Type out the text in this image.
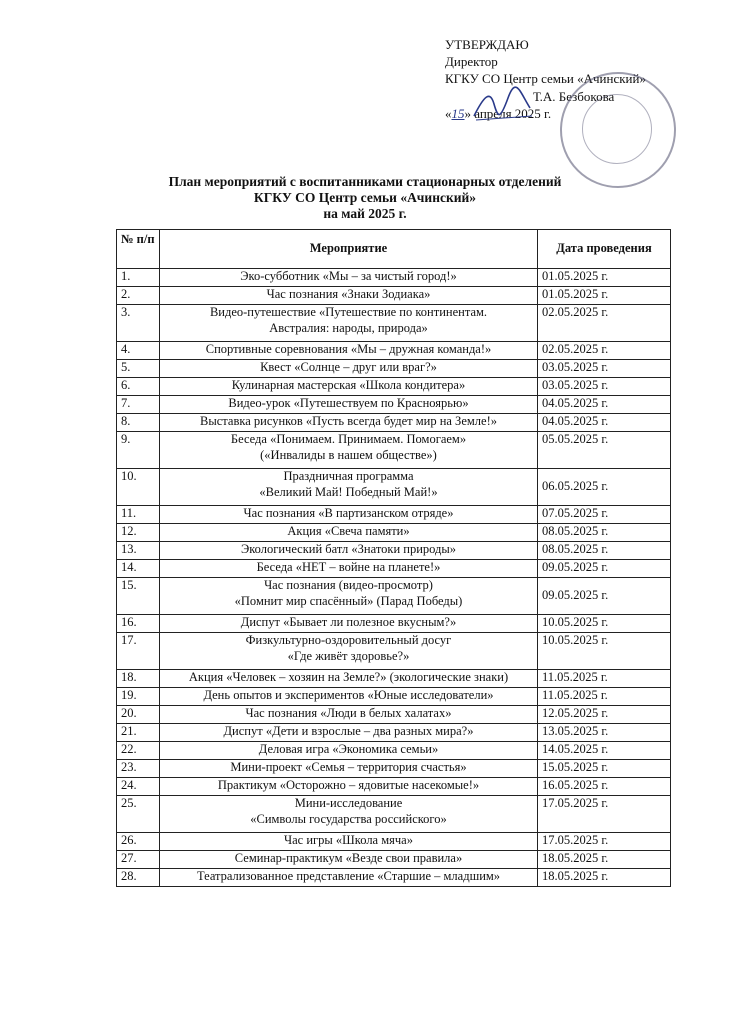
УТВЕРЖДАЮ
Директор
КГКУ СО Центр семьи «Ачинский»
Т.А. Безбокова
«15» апреля 2025 г.
План мероприятий с воспитанниками стационарных отделений
КГКУ СО Центр семьи «Ачинский»
на май 2025 г.
№ п/п	Мероприятие	Дата проведения
1.	Эко-субботник «Мы – за чистый город!»	01.05.2025 г.
2.	Час познания «Знаки Зодиака»	01.05.2025 г.
3.	Видео-путешествие «Путешествие по континентам.
Австралия: народы, природа»	02.05.2025 г.
4.	Спортивные соревнования «Мы – дружная команда!»	02.05.2025 г.
5.	Квест «Солнце – друг или враг?»	03.05.2025 г.
6.	Кулинарная мастерская «Школа кондитера»	03.05.2025 г.
7.	Видео-урок «Путешествуем по Красноярью»	04.05.2025 г.
8.	Выставка рисунков «Пусть всегда будет мир на Земле!»	04.05.2025 г.
9.	Беседа «Понимаем. Принимаем. Помогаем»
(«Инвалиды в нашем обществе»)	05.05.2025 г.
10.	Праздничная программа
«Великий Май! Победный Май!»	06.05.2025 г.
11.	Час познания «В партизанском отряде»	07.05.2025 г.
12.	Акция «Свеча памяти»	08.05.2025 г.
13.	Экологический батл «Знатоки природы»	08.05.2025 г.
14.	Беседа «НЕТ – войне на планете!»	09.05.2025 г.
15.	Час познания (видео-просмотр)
«Помнит мир спасённый» (Парад Победы)	09.05.2025 г.
16.	Диспут «Бывает ли полезное вкусным?»	10.05.2025 г.
17.	Физкультурно-оздоровительный досуг
«Где живёт здоровье?»	10.05.2025 г.
18.	Акция «Человек – хозяин на Земле?» (экологические знаки)	11.05.2025 г.
19.	День опытов и экспериментов «Юные исследователи»	11.05.2025 г.
20.	Час познания «Люди в белых халатах»	12.05.2025 г.
21.	Диспут «Дети и взрослые – два разных мира?»	13.05.2025 г.
22.	Деловая игра «Экономика семьи»	14.05.2025 г.
23.	Мини-проект «Семья – территория счастья»	15.05.2025 г.
24.	Практикум «Осторожно – ядовитые насекомые!»	16.05.2025 г.
25.	Мини-исследование
«Символы государства российского»	17.05.2025 г.
26.	Час игры «Школа мяча»	17.05.2025 г.
27.	Семинар-практикум «Везде свои правила»	18.05.2025 г.
28.	Театрализованное представление «Старшие – младшим»	18.05.2025 г.
